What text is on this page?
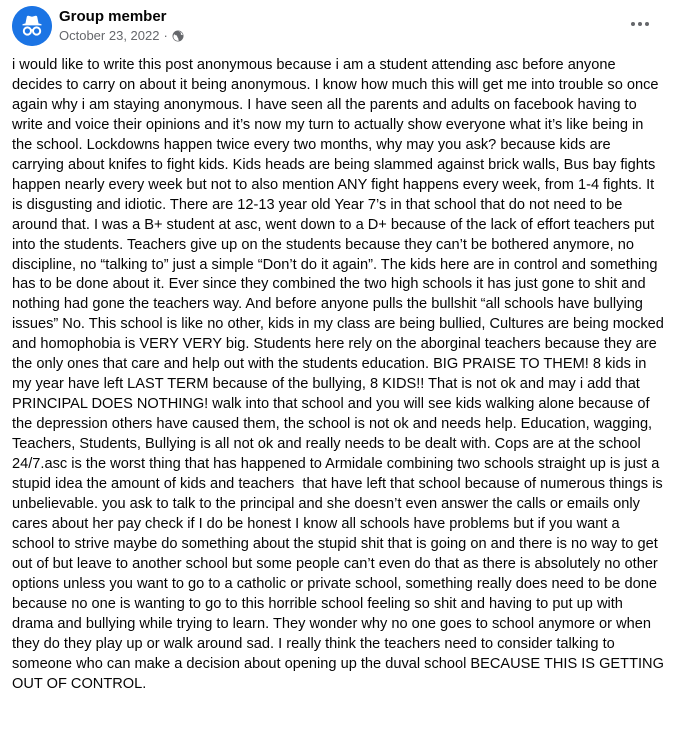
Group member
October 23, 2022 ·
i would like to write this post anonymous because i am a student attending asc before anyone decides to carry on about it being anonymous. I know how much this will get me into trouble so once again why i am staying anonymous. I have seen all the parents and adults on facebook having to write and voice their opinions and it’s now my turn to actually show everyone what it’s like being in the school. Lockdowns happen twice every two months, why may you ask? because kids are carrying about knifes to fight kids. Kids heads are being slammed against brick walls, Bus bay fights happen nearly every week but not to also mention ANY fight happens every week, from 1-4 fights. It is disgusting and idiotic. There are 12-13 year old Year 7’s in that school that do not need to be around that. I was a B+ student at asc, went down to a D+ because of the lack of effort teachers put into the students. Teachers give up on the students because they can’t be bothered anymore, no discipline, no “talking to” just a simple “Don’t do it again”. The kids here are in control and something has to be done about it. Ever since they combined the two high schools it has just gone to shit and nothing had gone the teachers way. And before anyone pulls the bullshit “all schools have bullying issues” No. This school is like no other, kids in my class are being bullied, Cultures are being mocked and homophobia is VERY VERY big. Students here rely on the aborginal teachers because they are the only ones that care and help out with the students education. BIG PRAISE TO THEM! 8 kids in my year have left LAST TERM because of the bullying, 8 KIDS!! That is not ok and may i add that PRINCIPAL DOES NOTHING! walk into that school and you will see kids walking alone because of the depression others have caused them, the school is not ok and needs help. Education, wagging, Teachers, Students, Bullying is all not ok and really needs to be dealt with. Cops are at the school 24/7.asc is the worst thing that has happened to Armidale combining two schools straight up is just a stupid idea the amount of kids and teachers  that have left that school because of numerous things is unbelievable. you ask to talk to the principal and she doesn’t even answer the calls or emails only cares about her pay check if I do be honest I know all schools have problems but if you want a school to strive maybe do something about the stupid shit that is going on and there is no way to get out of but leave to another school but some people can’t even do that as there is absolutely no other options unless you want to go to a catholic or private school, something really does need to be done because no one is wanting to go to this horrible school feeling so shit and having to put up with drama and bullying while trying to learn. They wonder why no one goes to school anymore or when they do they play up or walk around sad. I really think the teachers need to consider talking to someone who can make a decision about opening up the duval school BECAUSE THIS IS GETTING OUT OF CONTROL.
